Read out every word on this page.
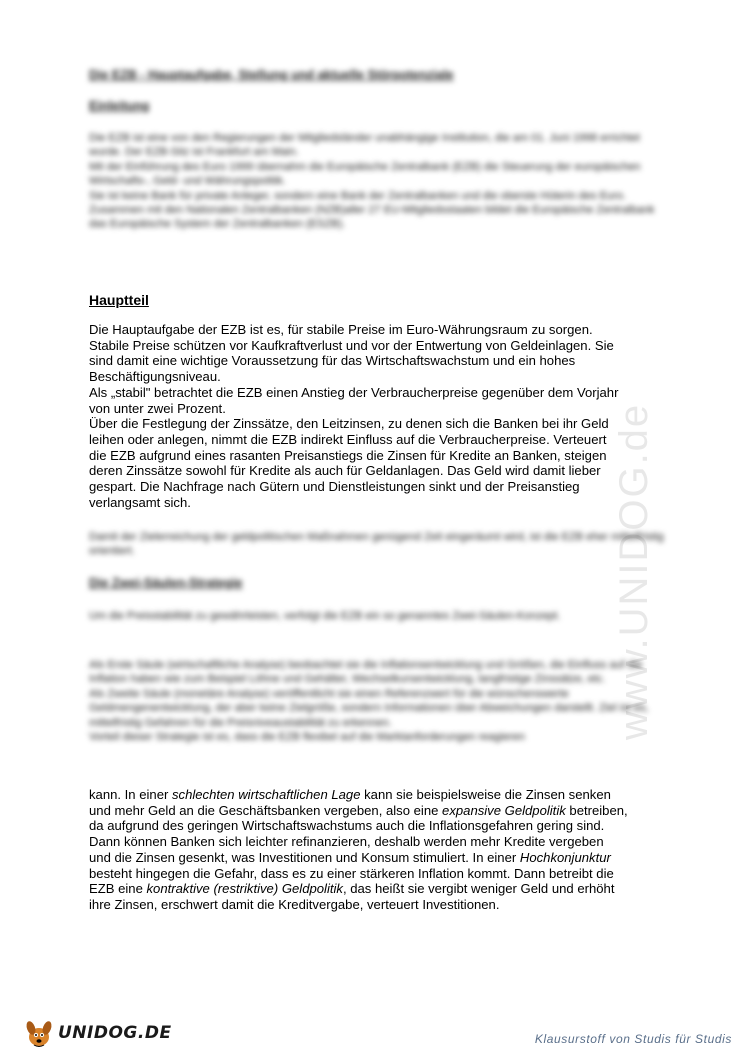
www.UNIDOG.de
Die EZB - Hauptaufgabe, Stellung und aktuelle Störpotenziale
Einleitung
Die EZB ist eine von den Regierungen der Mitgliedsländer unabhängige Institution, die am 01. Juni 1998 errichtet wurde. Der EZB-Sitz ist Frankfurt am Main.
Mit der Einführung des Euro 1999 übernahm die Europäische Zentralbank (EZB) die Steuerung der europäischen Wirtschafts-, Geld- und Währungspolitik.
Sie ist keine Bank für private Anleger, sondern eine Bank der Zentralbanken und die oberste Hüterin des Euro.
Zusammen mit den Nationalen Zentralbanken (NZB)aller 27 EU-Mitgliedsstaaten bildet die Europäische Zentralbank das Europäische System der Zentralbanken (ESZB).
Hauptteil

Die Hauptaufgabe der EZB ist es, für stabile Preise im Euro-Währungsraum zu sorgen.

Stabile Preise schützen vor Kaufkraftverlust und vor der Entwertung von Geldeinlagen. Sie

sind damit eine wichtige Voraussetzung für das Wirtschaftswachstum und ein hohes

Beschäftigungsniveau.

Als „stabil" betrachtet die EZB einen Anstieg der Verbraucherpreise gegenüber dem Vorjahr

von unter zwei Prozent.

Über die Festlegung der Zinssätze, den Leitzinsen, zu denen sich die Banken bei ihr Geld

leihen oder anlegen, nimmt die EZB indirekt Einfluss auf die Verbraucherpreise. Verteuert

die EZB aufgrund eines rasanten Preisanstiegs die Zinsen für Kredite an Banken, steigen

deren Zinssätze sowohl für Kredite als auch für Geldanlagen. Das Geld wird damit lieber

gespart. Die Nachfrage nach Gütern und Dienstleistungen sinkt und der Preisanstieg

verlangsamt sich.

Damit der Zielerreichung der geldpolitischen Maßnahmen genügend Zeit eingeräumt wird, ist die EZB eher mittelfristig orientiert.
Die Zwei-Säulen-Strategie
Um die Preisstabilität zu gewährleisten, verfolgt die EZB ein so genanntes Zwei-Säulen-Konzept.

Als Erste Säule (wirtschaftliche Analyse) beobachtet sie die Inflationsentwicklung und Größen, die Einfluss auf die Inflation haben wie zum Beispiel Löhne und Gehälter, Wechselkursentwicklung, langfristige Zinssätze, etc.

Als Zweite Säule (monetäre Analyse) veröffentlicht sie einen Referenzwert für die wünschenswerte Geldmengenentwicklung, der aber keine Zielgröße, sondern Informationen über Abweichungen darstellt. Ziel ist es, mittelfristig Gefahren für die Preisniveaustabilität zu erkennen.

Vorteil dieser Strategie ist es, dass die EZB flexibel auf die Marktanforderungen reagieren

kann. In einer schlechten wirtschaftlichen Lage kann sie beispielsweise die Zinsen senken

und mehr Geld an die Geschäftsbanken vergeben, also eine expansive Geldpolitik betreiben,

da aufgrund des geringen Wirtschaftswachstums auch die Inflationsgefahren gering sind.

Dann können Banken sich leichter refinanzieren, deshalb werden mehr Kredite vergeben

und die Zinsen gesenkt, was Investitionen und Konsum stimuliert. In einer Hochkonjunktur

besteht hingegen die Gefahr, dass es zu einer stärkeren Inflation kommt. Dann betreibt die

EZB eine kontraktive (restriktive) Geldpolitik, das heißt sie vergibt weniger Geld und erhöht

ihre Zinsen, erschwert damit die Kreditvergabe, verteuert Investitionen.

UNIDOG.DE	Klausurstoff von Studis für Studis
